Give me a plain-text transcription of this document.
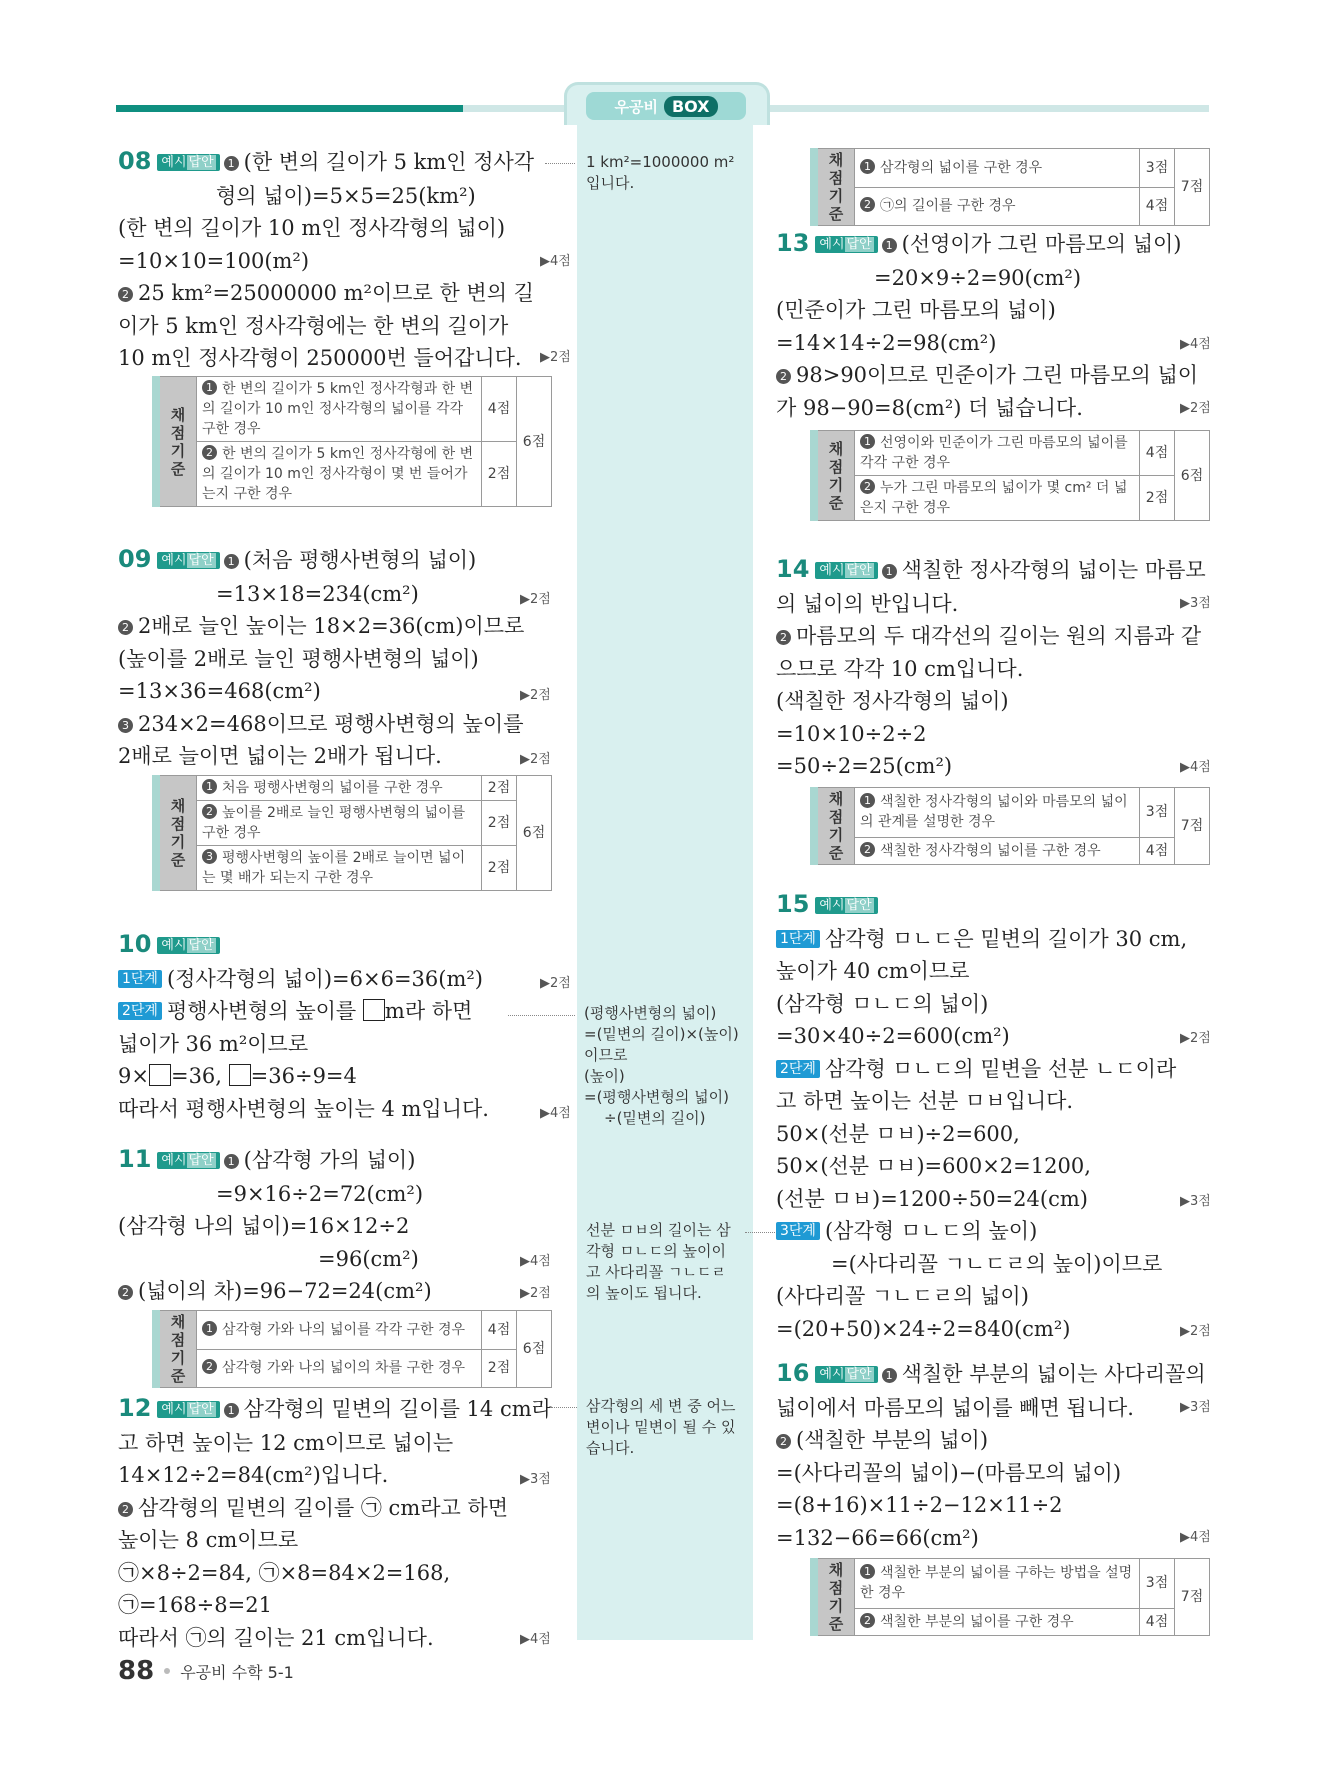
우공비 BOX
08 예시 답안 1 (한 변의 길이가 5 km인 정사각
형의 넓이)=5×5=25(km²)
(한 변의 길이가 10 m인 정사각형의 넓이)
=10×10=100(m²)
2 25 km²=25000000 m²이므로 한 변의 길
이가 5 km인 정사각형에는 한 변의 길이가
10 m인 정사각형이 250000번 들어갑니다.
▶4점
▶2점
채점 기준	1 한 변의 길이가 5 km인 정사각형과 한 변의 길이가 10 m인 정사각형의 넓이를 각각 구한 경우	4점	6점
	2 한 변의 길이가 5 km인 정사각형에 한 변의 길이가 10 m인 정사각형이 몇 번 들어가는지 구한 경우	2점	
09 예시 답안 1 (처음 평행사변형의 넓이)
=13×18=234(cm²)
2 2배로 늘인 높이는 18×2=36(cm)이므로
(높이를 2배로 늘인 평행사변형의 넓이)
=13×36=468(cm²)
3 234×2=468이므로 평행사변형의 높이를
2배로 늘이면 넓이는 2배가 됩니다.
▶2점
▶2점
▶2점
채점 기준	1 처음 평행사변형의 넓이를 구한 경우	2점	6점
	2 높이를 2배로 늘인 평행사변형의 넓이를 구한 경우	2점	
	3 평행사변형의 높이를 2배로 늘이면 넓이는 몇 배가 되는지 구한 경우	2점	
10 예시 답안
1단계 (정사각형의 넓이)=6×6=36(m²)
2단계 평행사변형의 높이를 m라 하면
넓이가 36 m²이므로
9× =36, =36÷9=4
따라서 평행사변형의 높이는 4 m입니다.
▶2점
▶4점
11 예시 답안 1 (삼각형 가의 넓이)
=9×16÷2=72(cm²)
(삼각형 나의 넓이)=16×12÷2
=96(cm²)
2 (넓이의 차)=96−72=24(cm²)
▶4점
▶2점
채점 기준	1 삼각형 가와 나의 넓이를 각각 구한 경우	4점	6점
	2 삼각형 가와 나의 넓이의 차를 구한 경우	2점	
12 예시 답안 1 삼각형의 밑변의 길이를 14 cm라
고 하면 높이는 12 cm이므로 넓이는
14×12÷2=84(cm²)입니다.
2 삼각형의 밑변의 길이를 ㉠ cm라고 하면
높이는 8 cm이므로
㉠×8÷2=84, ㉠×8=84×2=168,
㉠=168÷8=21
따라서 ㉠의 길이는 21 cm입니다.
▶3점
▶4점
1 km²=1000000 m²
입니다.
(평행사변형의 넓이)
=(밑변의 길이)×(높이)
이므로
(높이)
=(평행사변형의 넓이)
÷(밑변의 길이)
선분 ㅁㅂ의 길이는 삼
각형 ㅁㄴㄷ의 높이이
고 사다리꼴 ㄱㄴㄷㄹ
의 높이도 됩니다.
삼각형의 세 변 중 어느
변이나 밑변이 될 수 있
습니다.
채점 기준	1 삼각형의 넓이를 구한 경우	3점	7점
	2 ㉠의 길이를 구한 경우	4점	
13 예시 답안 1 (선영이가 그린 마름모의 넓이)
=20×9÷2=90(cm²)
(민준이가 그린 마름모의 넓이)
=14×14÷2=98(cm²)
2 98>90이므로 민준이가 그린 마름모의 넓이
가 98−90=8(cm²) 더 넓습니다.
▶4점
▶2점
채점 기준	1 선영이와 민준이가 그린 마름모의 넓이를 각각 구한 경우	4점	6점
	2 누가 그린 마름모의 넓이가 몇 cm² 더 넓은지 구한 경우	2점	
14 예시 답안 1 색칠한 정사각형의 넓이는 마름모
의 넓이의 반입니다.
2 마름모의 두 대각선의 길이는 원의 지름과 같
으므로 각각 10 cm입니다.
(색칠한 정사각형의 넓이)
=10×10÷2÷2
=50÷2=25(cm²)
▶3점
▶4점
채점 기준	1 색칠한 정사각형의 넓이와 마름모의 넓이의 관계를 설명한 경우	3점	7점
	2 색칠한 정사각형의 넓이를 구한 경우	4점	
15 예시 답안
1단계 삼각형 ㅁㄴㄷ은 밑변의 길이가 30 cm,
높이가 40 cm이므로
(삼각형 ㅁㄴㄷ의 넓이)
=30×40÷2=600(cm²)
2단계 삼각형 ㅁㄴㄷ의 밑변을 선분 ㄴㄷ이라
고 하면 높이는 선분 ㅁㅂ입니다.
50×(선분 ㅁㅂ)÷2=600,
50×(선분 ㅁㅂ)=600×2=1200,
(선분 ㅁㅂ)=1200÷50=24(cm)
3단계 (삼각형 ㅁㄴㄷ의 높이)
=(사다리꼴 ㄱㄴㄷㄹ의 높이)이므로
(사다리꼴 ㄱㄴㄷㄹ의 넓이)
=(20+50)×24÷2=840(cm²)
▶2점
▶3점
▶2점
16 예시 답안 1 색칠한 부분의 넓이는 사다리꼴의
넓이에서 마름모의 넓이를 빼면 됩니다.
2 (색칠한 부분의 넓이)
=(사다리꼴의 넓이)−(마름모의 넓이)
=(8+16)×11÷2−12×11÷2
=132−66=66(cm²)
▶3점
▶4점
채점 기준	1 색칠한 부분의 넓이를 구하는 방법을 설명한 경우	3점	7점
	2 색칠한 부분의 넓이를 구한 경우	4점	
88 우공비 수학 5-1
